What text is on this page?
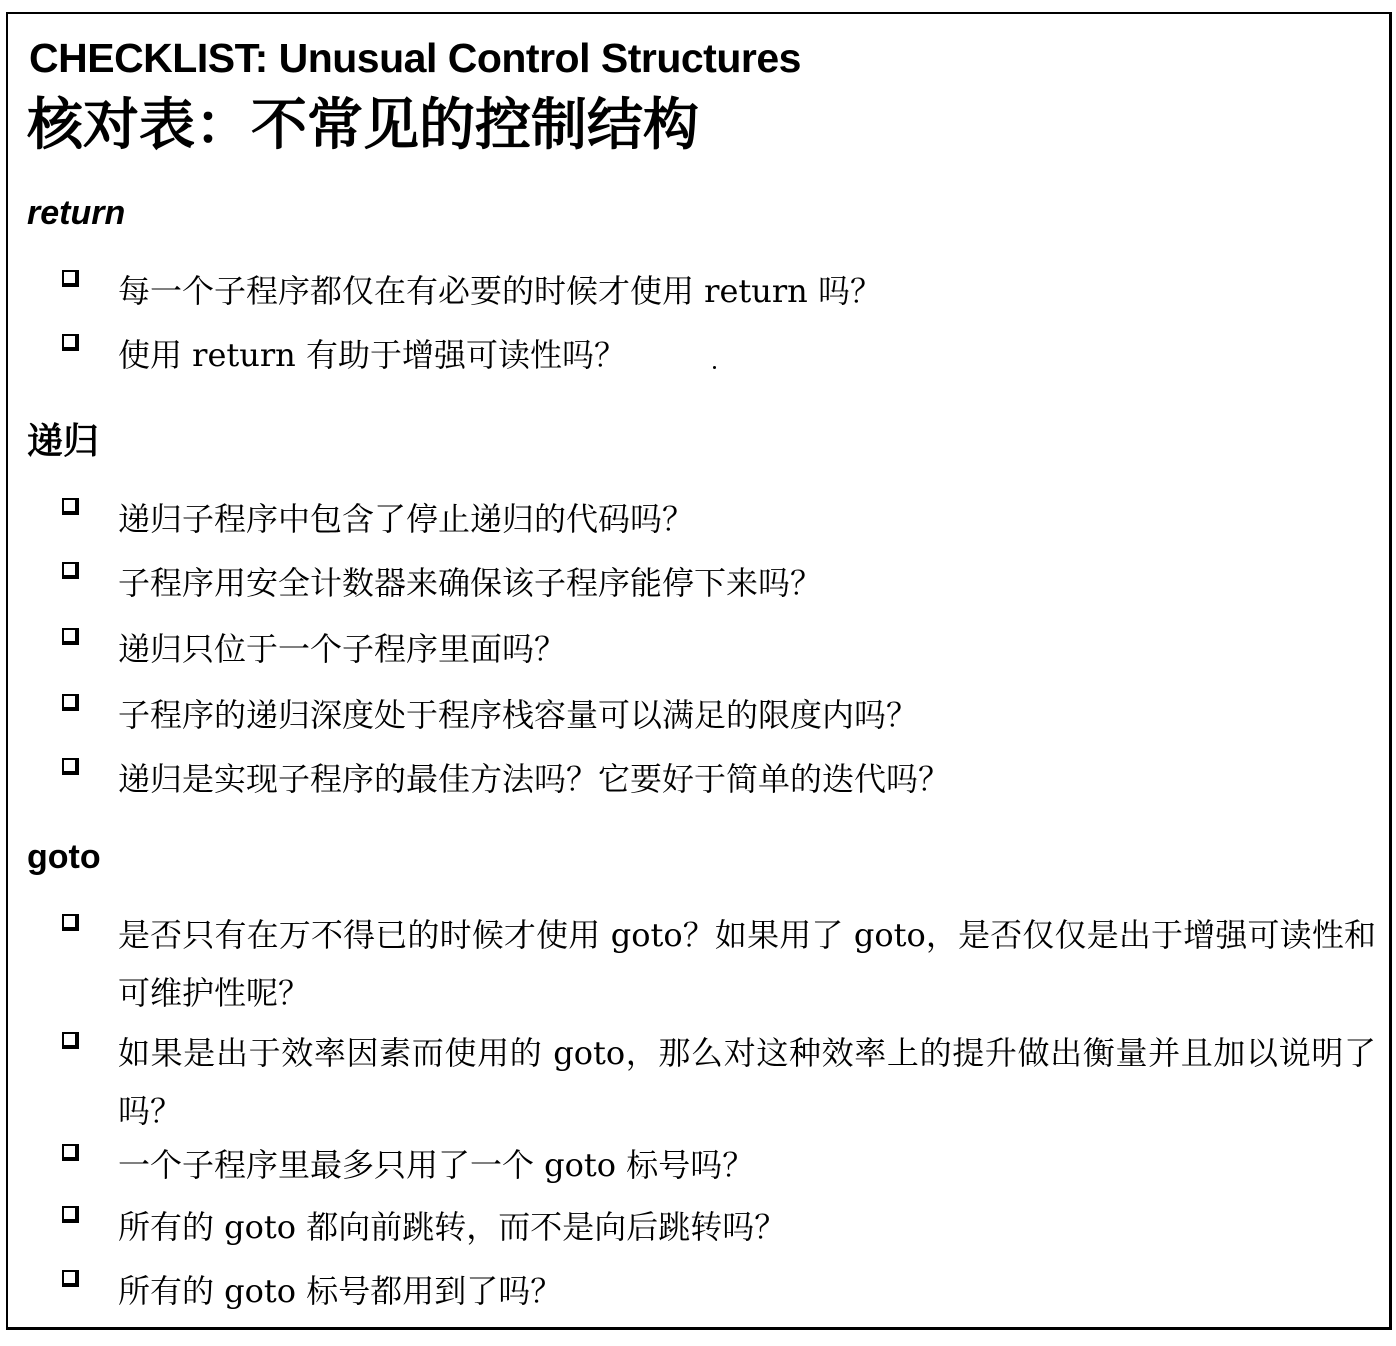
CHECKLIST: Unusual Control Structures
核对表：不常见的控制结构
return
每一个子程序都仅在有必要的时候才使用 return 吗？
使用 return 有助于增强可读性吗？
递归
递归子程序中包含了停止递归的代码吗？
子程序用安全计数器来确保该子程序能停下来吗？
递归只位于一个子程序里面吗？
子程序的递归深度处于程序栈容量可以满足的限度内吗？
递归是实现子程序的最佳方法吗？它要好于简单的迭代吗？
goto
是否只有在万不得已的时候才使用 goto？如果用了 goto，是否仅仅是出于增强可读性和可维护性呢？
如果是出于效率因素而使用的 goto，那么对这种效率上的提升做出衡量并且加以说明了吗？
一个子程序里最多只用了一个 goto 标号吗？
所有的 goto 都向前跳转，而不是向后跳转吗？
所有的 goto 标号都用到了吗？
